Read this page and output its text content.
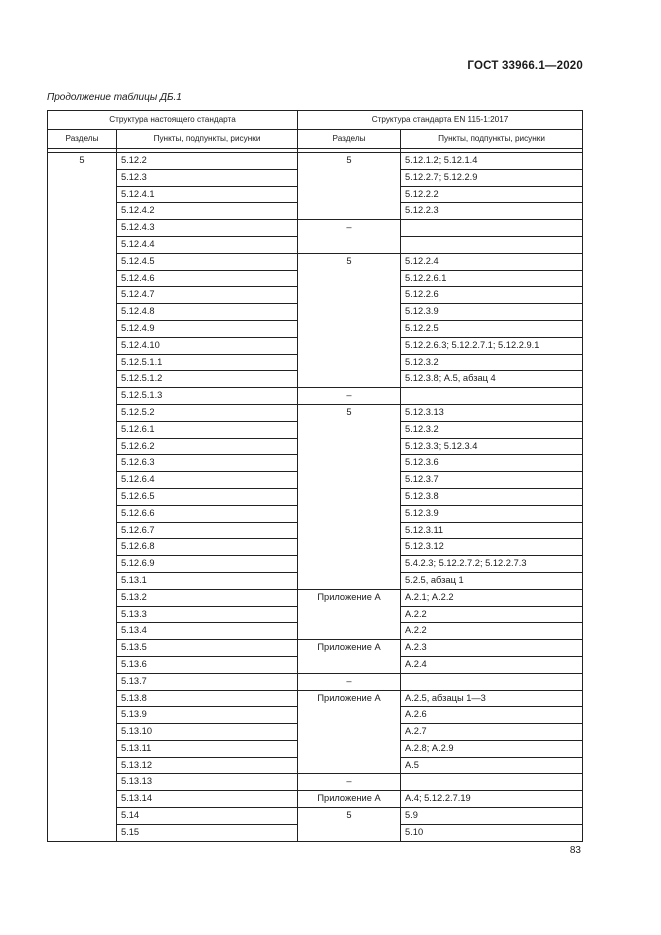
ГОСТ 33966.1—2020
Продолжение таблицы ДБ.1
Структура настоящего стандарта		Структура стандарта EN 115-1:2017	
Разделы	Пункты, подпункты, рисунки	Разделы	Пункты, подпункты, рисунки

5	5.12.2	5	5.12.1.2; 5.12.1.4
	5.12.3		5.12.2.7; 5.12.2.9
	5.12.4.1		5.12.2.2
	5.12.4.2		5.12.2.3
	5.12.4.3	–	
	5.12.4.4		
	5.12.4.5	5	5.12.2.4
	5.12.4.6		5.12.2.6.1
	5.12.4.7		5.12.2.6
	5.12.4.8		5.12.3.9
	5.12.4.9		5.12.2.5
	5.12.4.10		5.12.2.6.3; 5.12.2.7.1; 5.12.2.9.1
	5.12.5.1.1		5.12.3.2
	5.12.5.1.2		5.12.3.8; А.5, абзац 4
	5.12.5.1.3	–	
	5.12.5.2	5	5.12.3.13
	5.12.6.1		5.12.3.2
	5.12.6.2		5.12.3.3; 5.12.3.4
	5.12.6.3		5.12.3.6
	5.12.6.4		5.12.3.7
	5.12.6.5		5.12.3.8
	5.12.6.6		5.12.3.9
	5.12.6.7		5.12.3.11
	5.12.6.8		5.12.3.12
	5.12.6.9		5.4.2.3; 5.12.2.7.2; 5.12.2.7.3
	5.13.1		5.2.5, абзац 1
	5.13.2	Приложение А	А.2.1; А.2.2
	5.13.3		А.2.2
	5.13.4		А.2.2
	5.13.5	Приложение А	А.2.3
	5.13.6		А.2.4
	5.13.7	–	
	5.13.8	Приложение А	А.2.5, абзацы 1—3
	5.13.9		А.2.6
	5.13.10		А.2.7
	5.13.11		А.2.8; А.2.9
	5.13.12		А.5
	5.13.13	–	
	5.13.14	Приложение А	А.4; 5.12.2.7.19
	5.14	5	5.9
	5.15		5.10
83
